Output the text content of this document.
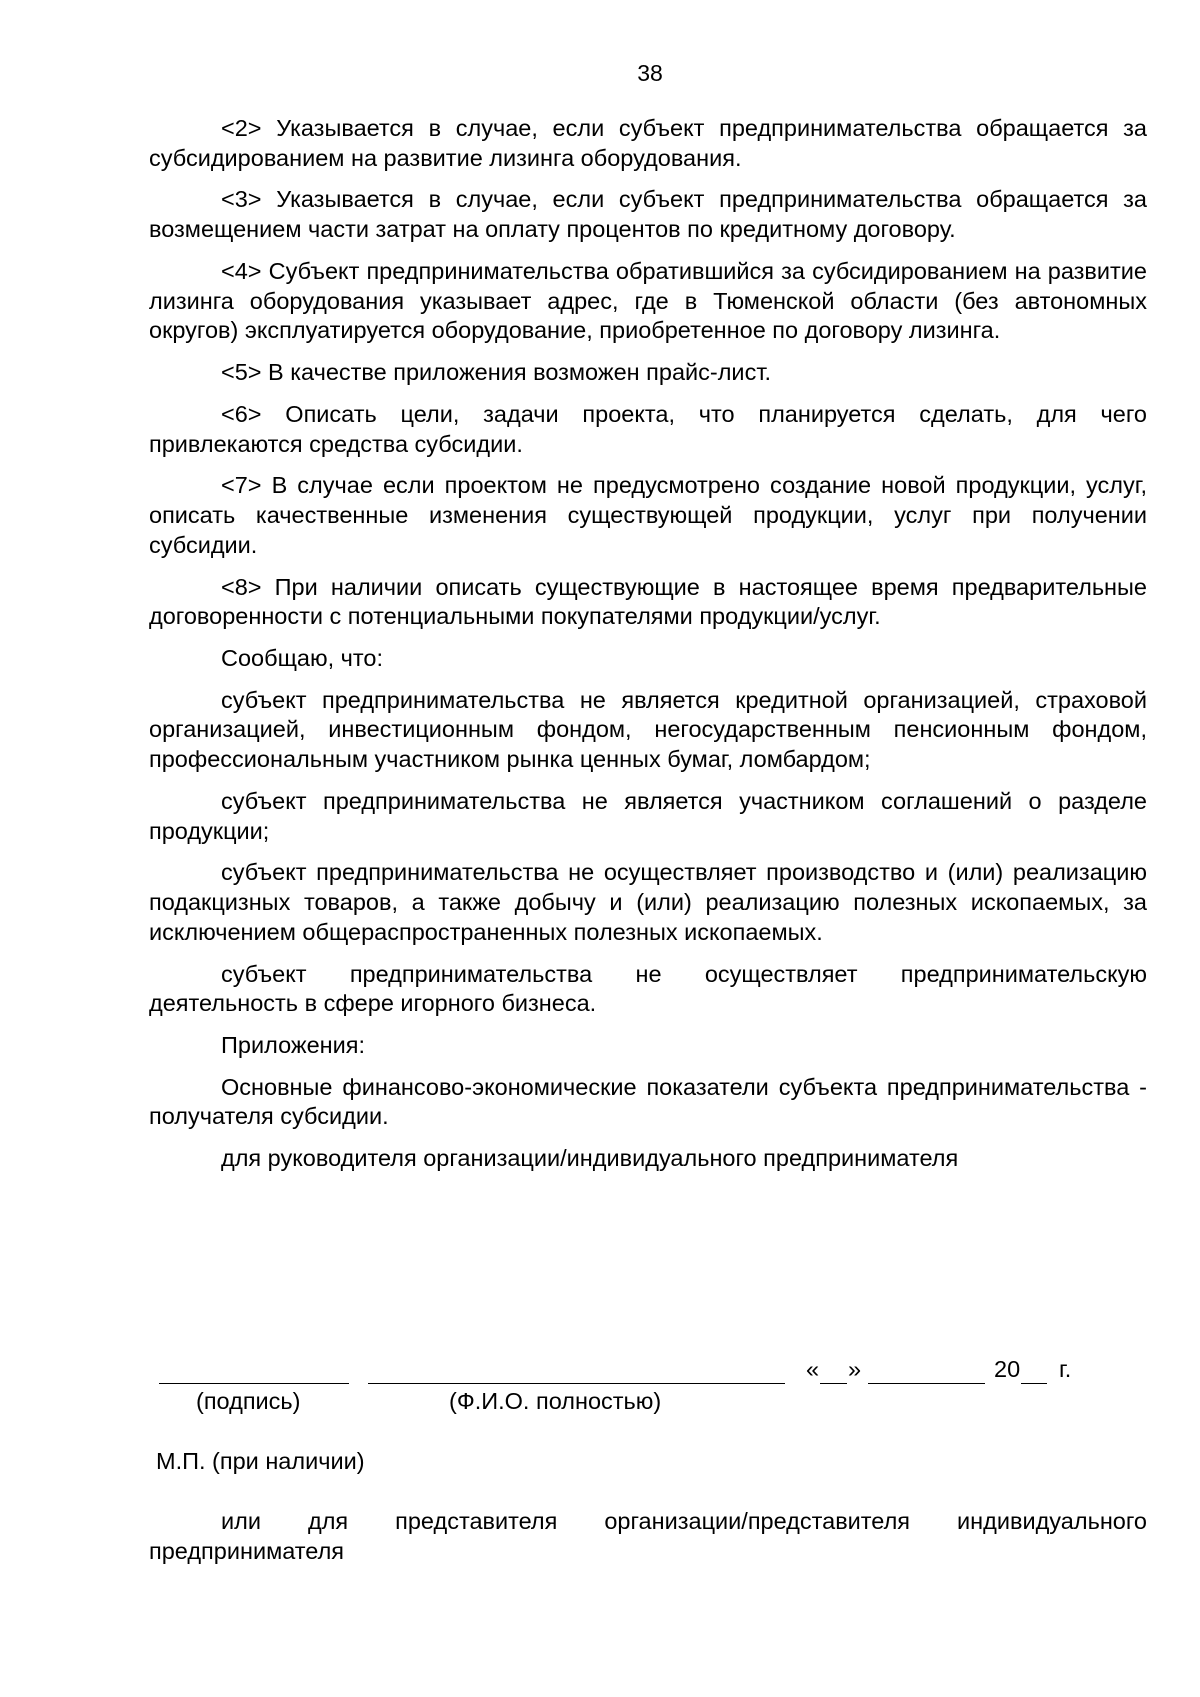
38

<2> Указывается в случае, если субъект предпринимательства обращается за субсидированием на развитие лизинга оборудования.

<3> Указывается в случае, если субъект предпринимательства обращается за возмещением части затрат на оплату процентов по кредитному договору.

<4> Субъект предпринимательства обратившийся за субсидированием на развитие лизинга оборудования указывает адрес, где в Тюменской области (без автономных округов) эксплуатируется оборудование, приобретенное по договору лизинга.

<5> В качестве приложения возможен прайс-лист.

<6> Описать цели, задачи проекта, что планируется сделать, для чего привлекаются средства субсидии.

<7> В случае если проектом не предусмотрено создание новой продукции, услуг, описать качественные изменения существующей продукции, услуг при получении субсидии.

<8> При наличии описать существующие в настоящее время предварительные договоренности с потенциальными покупателями продукции/услуг.

Сообщаю, что:

субъект предпринимательства не является кредитной организацией, страховой организацией, инвестиционным фондом, негосударственным пенсионным фондом, профессиональным участником рынка ценных бумаг, ломбардом;

субъект предпринимательства не является участником соглашений о разделе продукции;

субъект предпринимательства не осуществляет производство и (или) реализацию подакцизных товаров, а также добычу и (или) реализацию полезных ископаемых, за исключением общераспространенных полезных ископаемых.

субъект предпринимательства не осуществляет предпринимательскую деятельность в сфере игорного бизнеса.

Приложения:

Основные финансово-экономические показатели субъекта предпринимательства - получателя субсидии.

для руководителя организации/индивидуального предпринимателя

« »	20 г.
(подпись)	(Ф.И.О. полностью)
М.П. (при наличии)

или для представителя организации/представителя индивидуального предпринимателя
